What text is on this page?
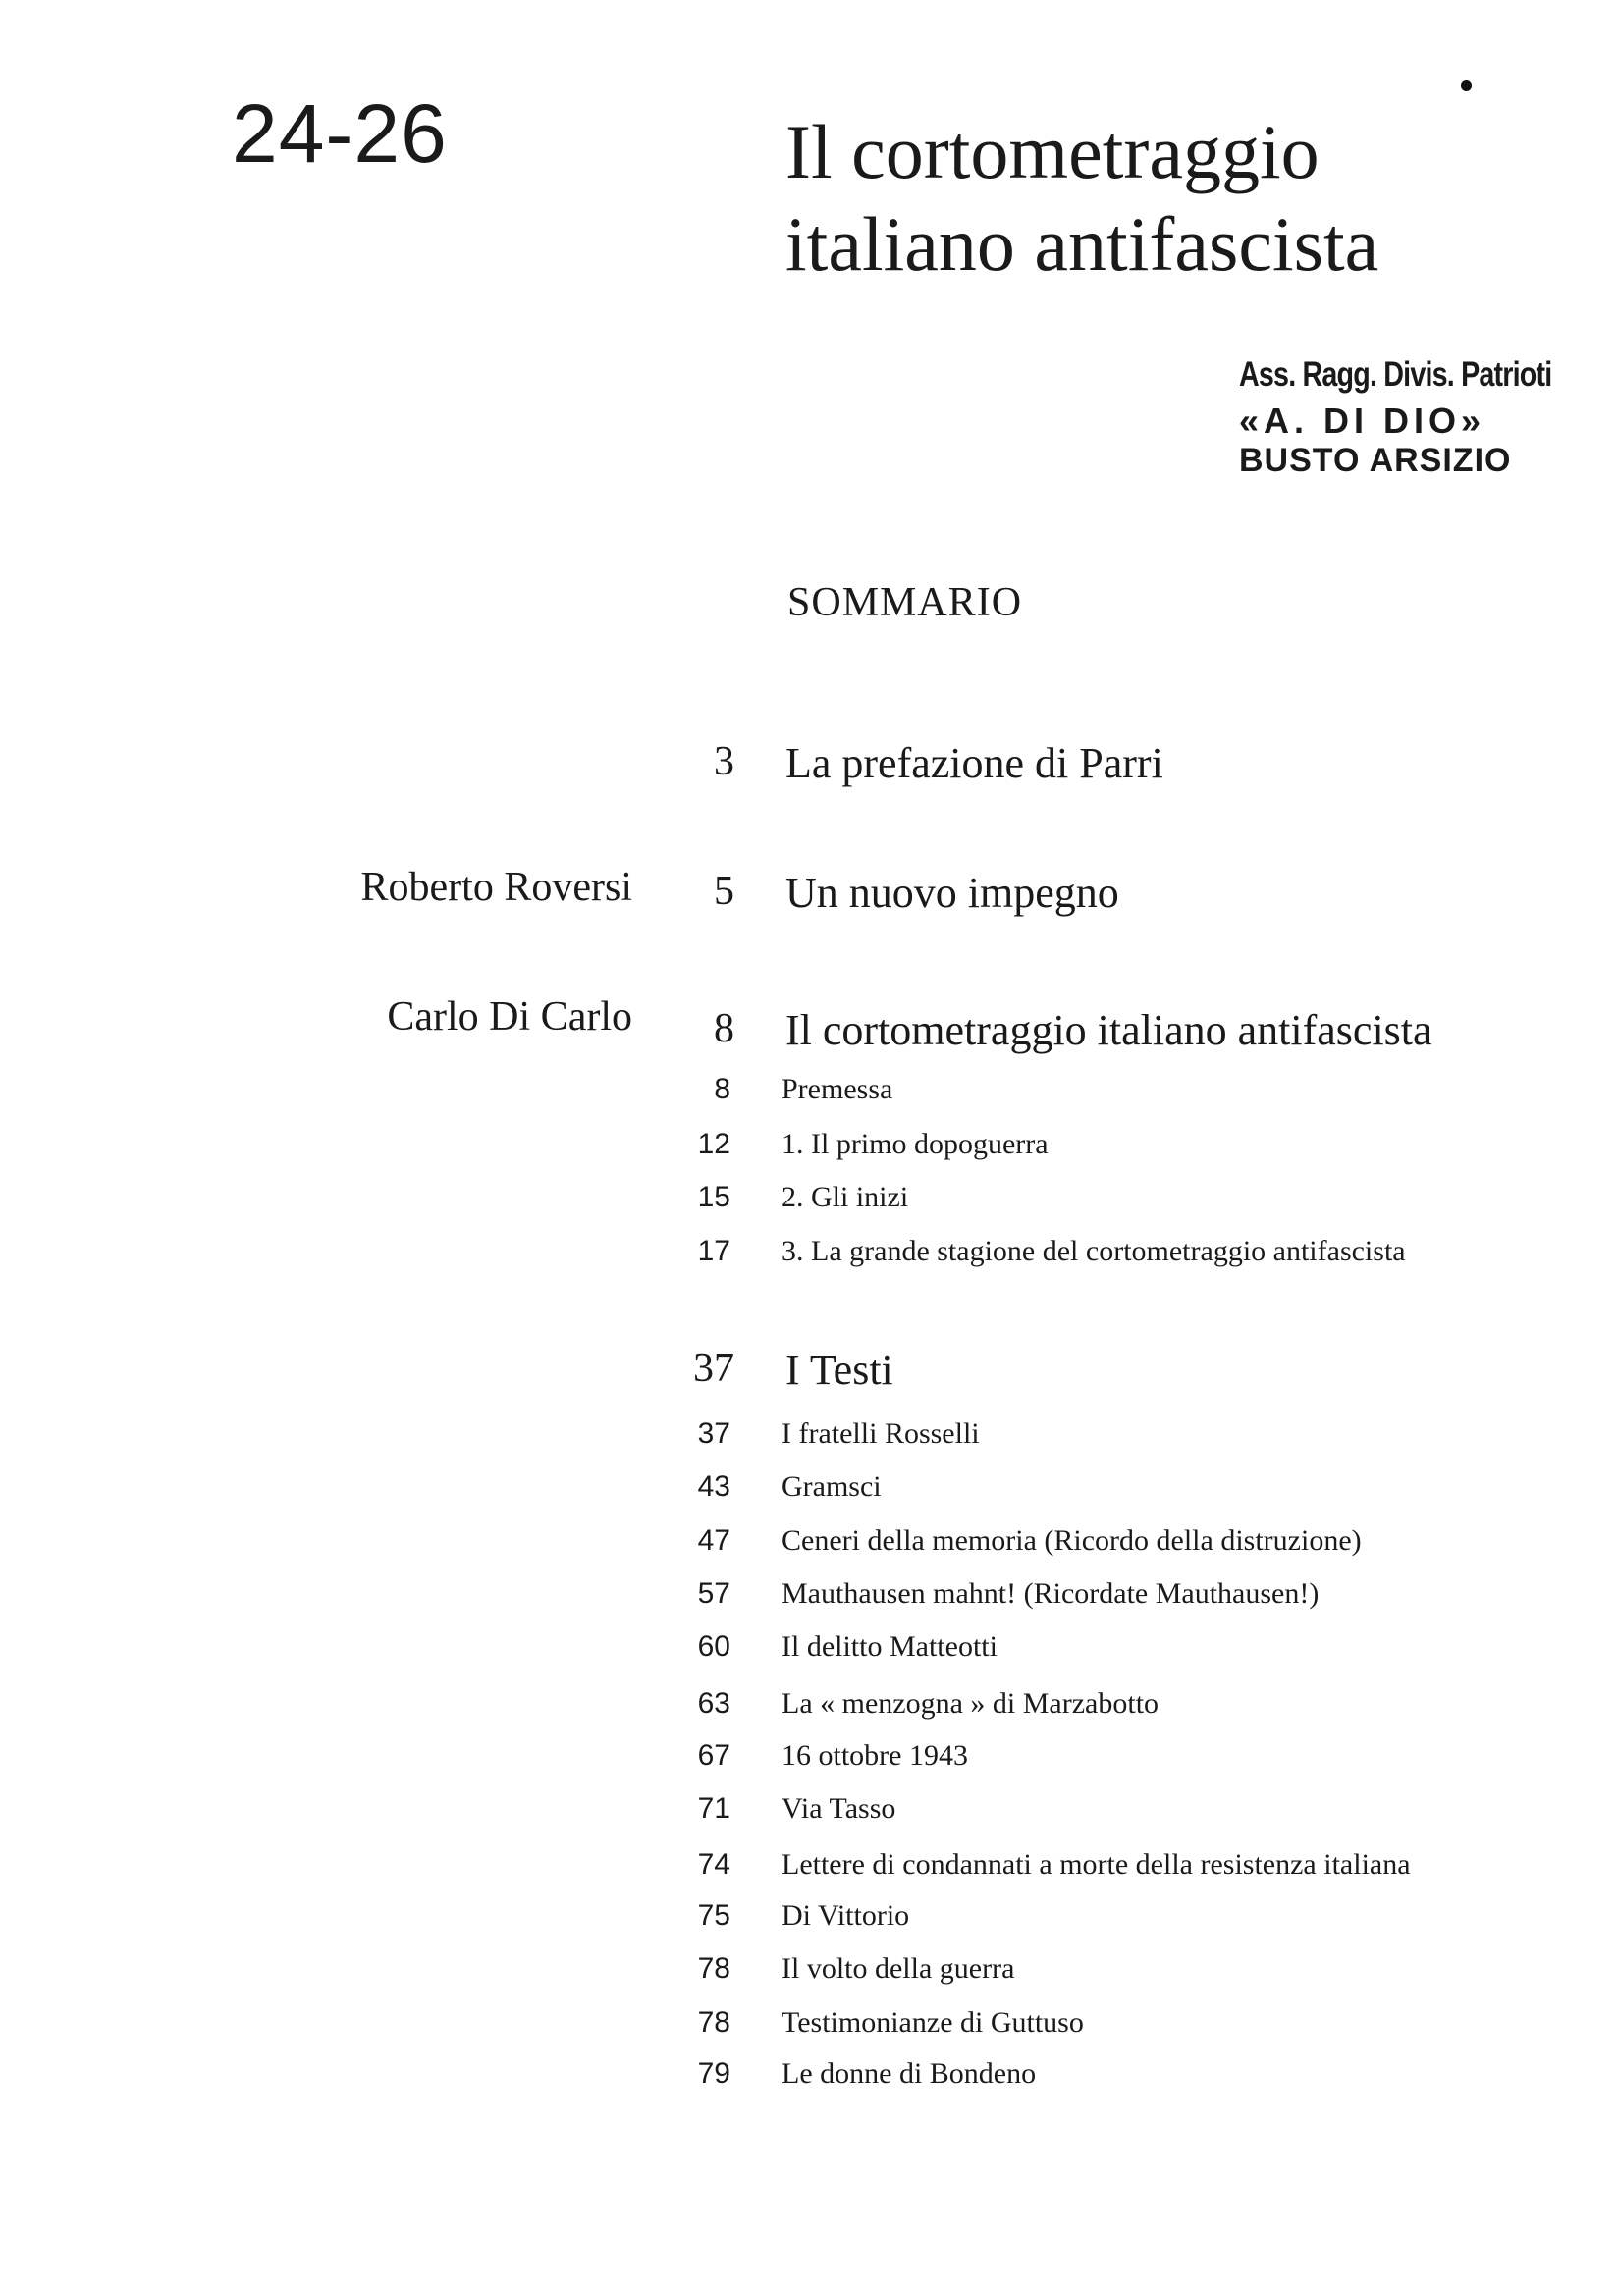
24-26	Il cortometraggio
italiano antifascista
Ass. Ragg. Divis. Patrioti
«A. DI DIO»
BUSTO ARSIZIO
SOMMARIO
3 La prefazione di Parri
Roberto Roversi 5 Un nuovo impegno
Carlo Di Carlo 8 Il cortometraggio italiano antifascista
8 Premessa
12 1. Il primo dopoguerra
15 2. Gli inizi
17 3. La grande stagione del cortometraggio antifascista
37 I Testi
37 I fratelli Rosselli
43 Gramsci
47 Ceneri della memoria (Ricordo della distruzione)
57 Mauthausen mahnt! (Ricordate Mauthausen!)
60 Il delitto Matteotti
63 La « menzogna » di Marzabotto
67 16 ottobre 1943
71 Via Tasso
74 Lettere di condannati a morte della resistenza italiana
75 Di Vittorio
78 Il volto della guerra
78 Testimonianze di Guttuso
79 Le donne di Bondeno
